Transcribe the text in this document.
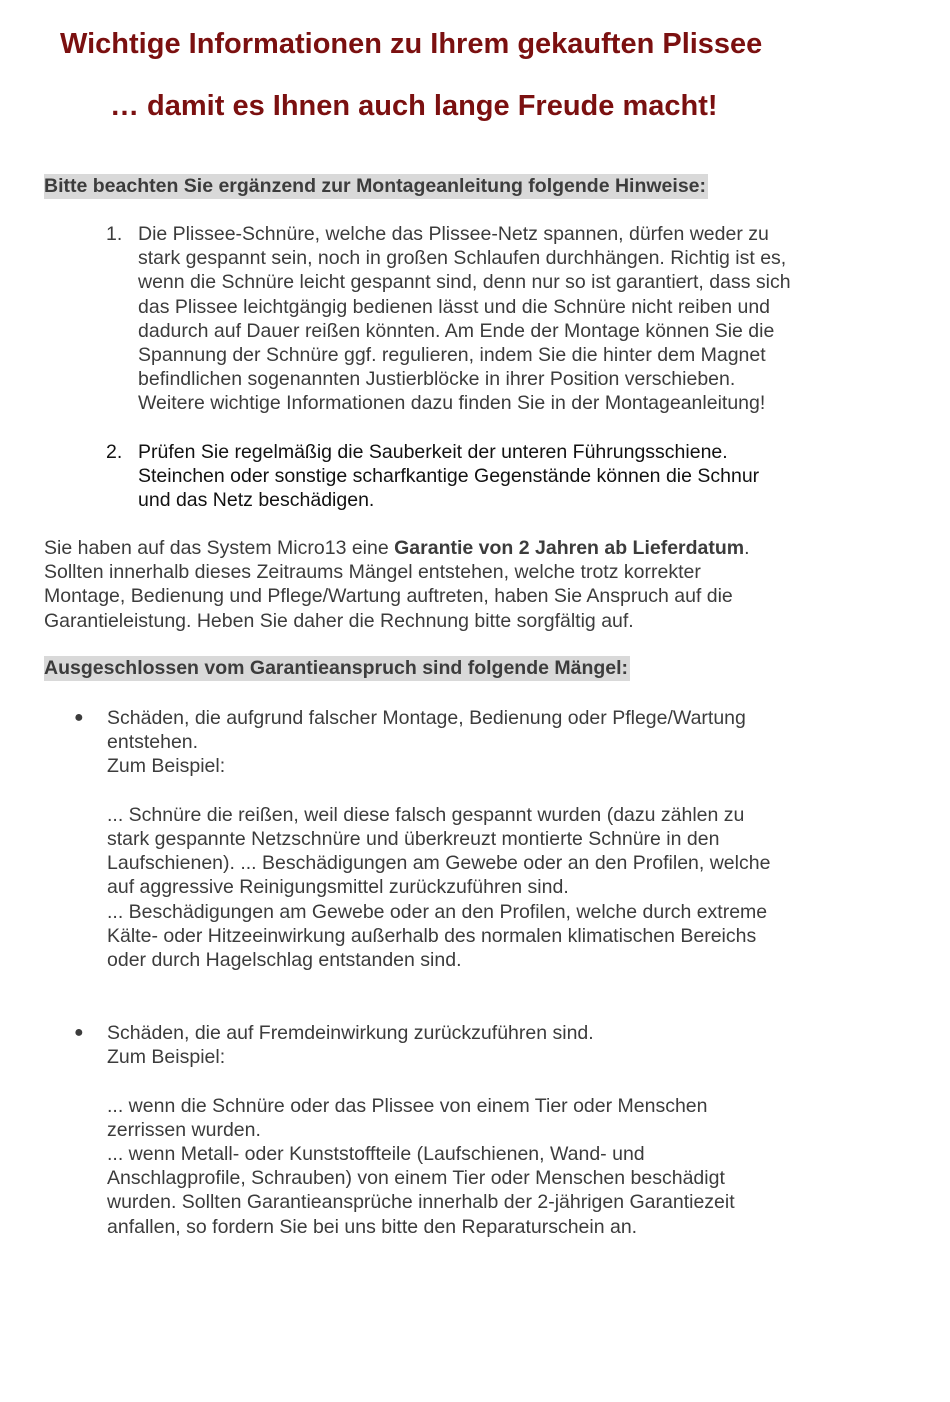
Wichtige Informationen zu Ihrem gekauften Plissee
… damit es Ihnen auch lange Freude macht!

Bitte beachten Sie ergänzend zur Montageanleitung folgende Hinweise:

1. Die Plissee-Schnüre, welche das Plissee-Netz spannen, dürfen weder zu
stark gespannt sein, noch in großen Schlaufen durchhängen. Richtig ist es,
wenn die Schnüre leicht gespannt sind, denn nur so ist garantiert, dass sich
das Plissee leichtgängig bedienen lässt und die Schnüre nicht reiben und
dadurch auf Dauer reißen könnten. Am Ende der Montage können Sie die
Spannung der Schnüre ggf. regulieren, indem Sie die hinter dem Magnet
befindlichen sogenannten Justierblöcke in ihrer Position verschieben.
Weitere wichtige Informationen dazu finden Sie in der Montageanleitung!
2. Prüfen Sie regelmäßig die Sauberkeit der unteren Führungsschiene.
Steinchen oder sonstige scharfkantige Gegenstände können die Schnur
und das Netz beschädigen.
Sie haben auf das System Micro13 eine Garantie von 2 Jahren ab Lieferdatum.
Sollten innerhalb dieses Zeitraums Mängel entstehen, welche trotz korrekter
Montage, Bedienung und Pflege/Wartung auftreten, haben Sie Anspruch auf die
Garantieleistung. Heben Sie daher die Rechnung bitte sorgfältig auf.

Ausgeschlossen vom Garantieanspruch sind folgende Mängel:

● Schäden, die aufgrund falscher Montage, Bedienung oder Pflege/Wartung
entstehen.
Zum Beispiel:
... Schnüre die reißen, weil diese falsch gespannt wurden (dazu zählen zu
stark gespannte Netzschnüre und überkreuzt montierte Schnüre in den
Laufschienen). ... Beschädigungen am Gewebe oder an den Profilen, welche
auf aggressive Reinigungsmittel zurückzuführen sind.
... Beschädigungen am Gewebe oder an den Profilen, welche durch extreme
Kälte- oder Hitzeeinwirkung außerhalb des normalen klimatischen Bereichs
oder durch Hagelschlag entstanden sind.
● Schäden, die auf Fremdeinwirkung zurückzuführen sind.
Zum Beispiel:
... wenn die Schnüre oder das Plissee von einem Tier oder Menschen
zerrissen wurden.
... wenn Metall- oder Kunststoffteile (Laufschienen, Wand- und
Anschlagprofile, Schrauben) von einem Tier oder Menschen beschädigt
wurden. Sollten Garantieansprüche innerhalb der 2-jährigen Garantiezeit
anfallen, so fordern Sie bei uns bitte den Reparaturschein an.
